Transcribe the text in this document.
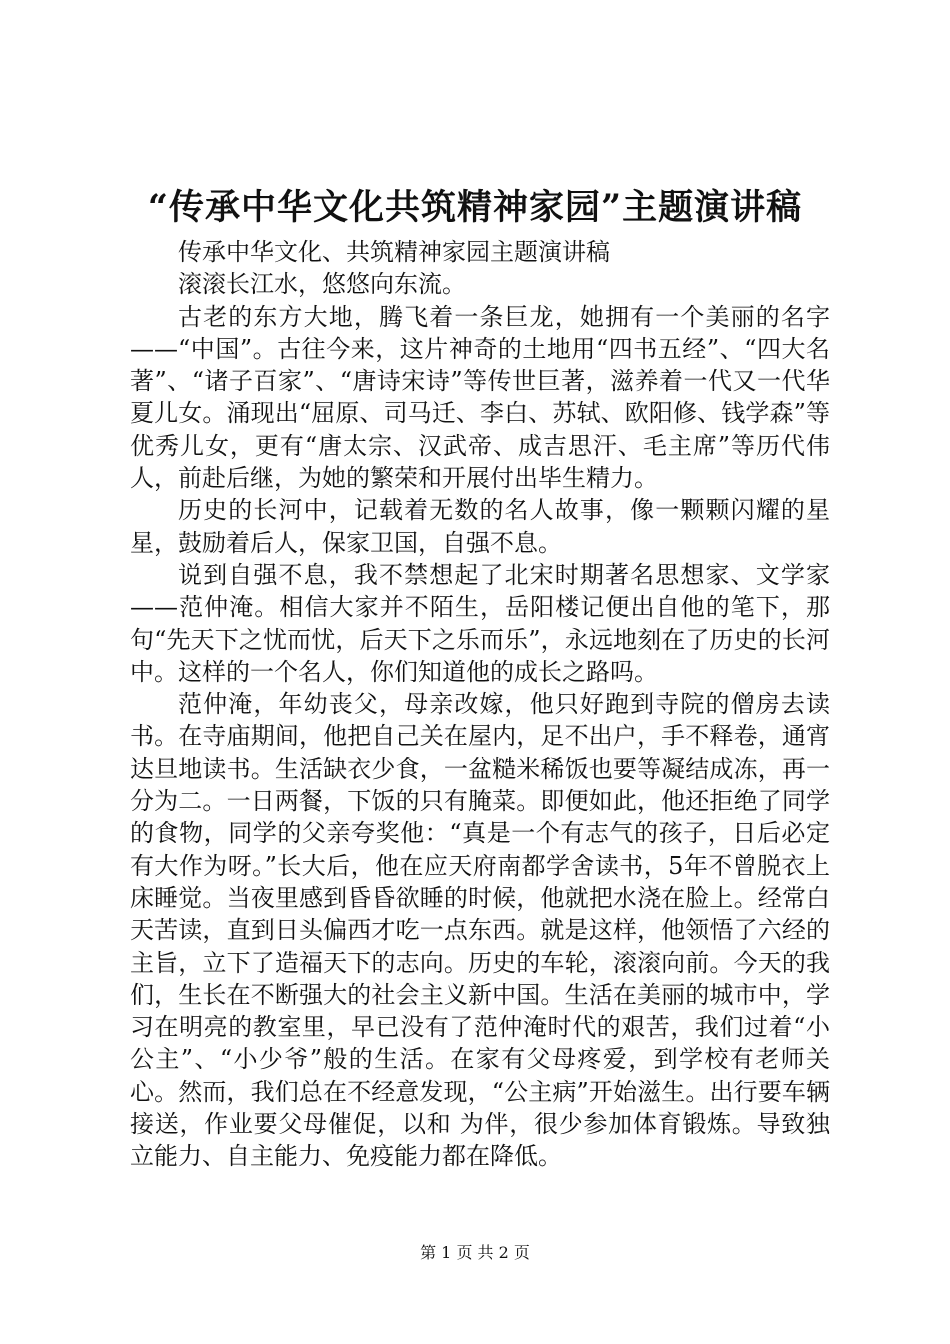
“传承中华文化共筑精神家园”主题演讲稿

传承中华文化、共筑精神家园主题演讲稿

滚滚长江水，悠悠向东流。

古老的东方大地，腾飞着一条巨龙，她拥有一个美丽的名字——“中国”。古往今来，这片神奇的土地用“四书五经”、“四大名著”、“诸子百家”、“唐诗宋诗”等传世巨著，滋养着一代又一代华夏儿女。涌现出“屈原、司马迁、李白、苏轼、欧阳修、钱学森”等优秀儿女，更有“唐太宗、汉武帝、成吉思汗、毛主席”等历代伟人，前赴后继，为她的繁荣和开展付出毕生精力。

历史的长河中，记载着无数的名人故事，像一颗颗闪耀的星星，鼓励着后人，保家卫国，自强不息。

说到自强不息，我不禁想起了北宋时期著名思想家、文学家——范仲淹。相信大家并不陌生，岳阳楼记便出自他的笔下，那句“先天下之忧而忧，后天下之乐而乐”，永远地刻在了历史的长河中。这样的一个名人，你们知道他的成长之路吗。

范仲淹，年幼丧父，母亲改嫁，他只好跑到寺院的僧房去读书。在寺庙期间，他把自己关在屋内，足不出户，手不释卷，通宵达旦地读书。生活缺衣少食，一盆糙米稀饭也要等凝结成冻，再一分为二。一日两餐，下饭的只有腌菜。即便如此，他还拒绝了同学的食物，同学的父亲夸奖他：“真是一个有志气的孩子，日后必定有大作为呀。”长大后，他在应天府南都学舍读书，5年不曾脱衣上床睡觉。当夜里感到昏昏欲睡的时候，他就把水浇在脸上。经常白天苦读，直到日头偏西才吃一点东西。就是这样，他领悟了六经的主旨，立下了造福天下的志向。历史的车轮，滚滚向前。今天的我们，生长在不断强大的社会主义新中国。生活在美丽的城市中，学习在明亮的教室里，早已没有了范仲淹时代的艰苦，我们过着“小公主”、“小少爷”般的生活。在家有父母疼爱，到学校有老师关心。然而，我们总在不经意发现，“公主病”开始滋生。出行要车辆接送，作业要父母催促，以和 为伴，很少参加体育锻炼。导致独立能力、自主能力、免疫能力都在降低。

第 1 页 共 2 页
